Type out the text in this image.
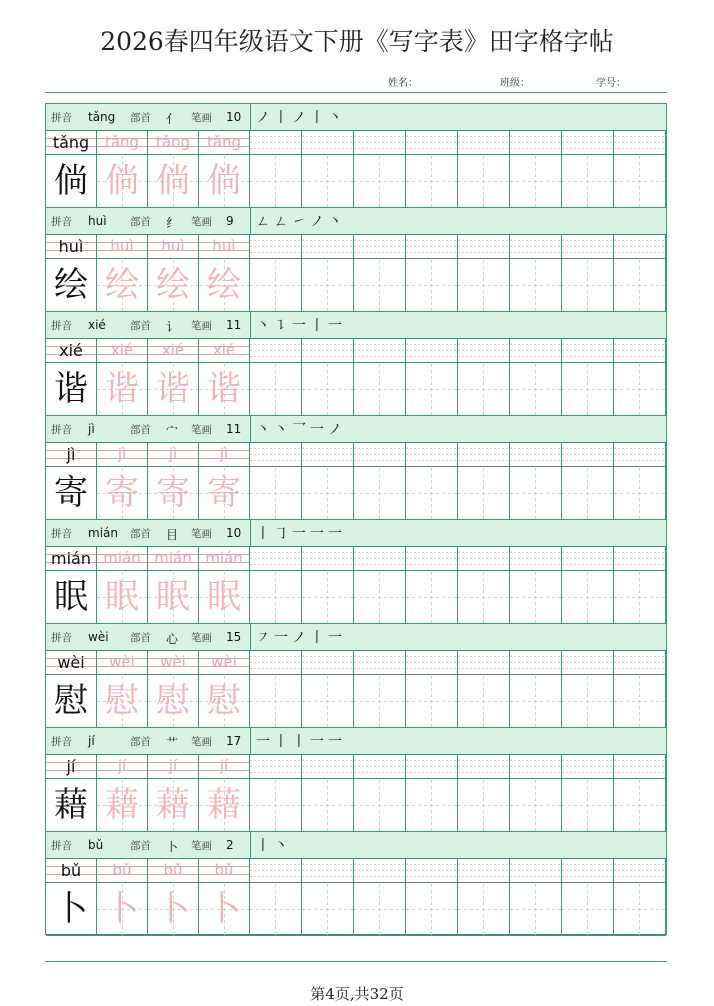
2026春四年级语文下册《写字表》田字格字帖
姓名：	班级：	学号：
拼音 tǎng 部首 亻 笔画 10 ノ丨ノ丨丶
tǎng	tǎng	tǎng	tǎng
倘 倘 倘 倘
拼音 huì 部首 纟 笔画 9 ㄥㄥ㇀ノ丶
huì	huì	huì	huì
绘 绘 绘 绘
拼音 xié 部首 讠 笔画 11 丶㇊一丨一
xié	xié	xié	xié
谐 谐 谐 谐
拼音 jì	部首 宀 笔画 11 丶丶乛一ノ
jì	jì	jì	jì
寄 寄 寄 寄
拼音 mián 部首 目 笔画 10 丨㇆一一一
mián mián mián mián
眠 眠 眠 眠
拼音 wèi 部首 心 笔画 15 ㇇一ノ丨一
wèi	wèi	wèi	wèi
慰 慰 慰 慰
拼音 jí	部首 艹 笔画 17 一丨丨一一
jí	jí	jí	jí
藉 藉 藉 藉
拼音 bǔ	部首 卜 笔画 2 丨丶
bǔ	bǔ	bǔ	bǔ
卜 卜 卜 卜
第4页,共32页
